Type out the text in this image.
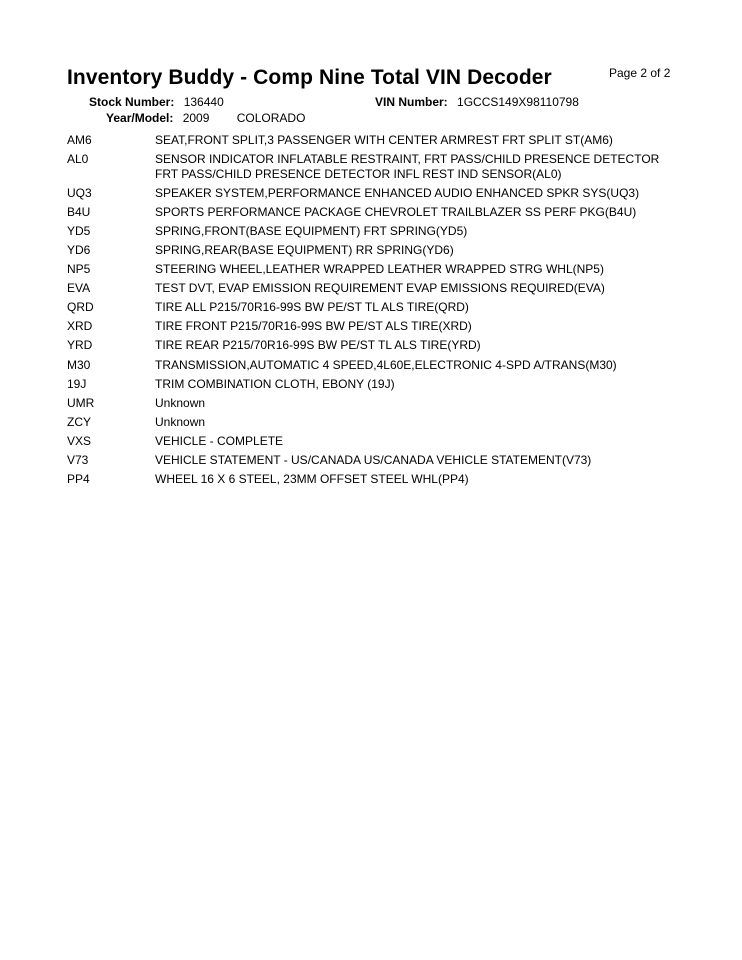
Inventory Buddy - Comp Nine Total VIN Decoder	Page 2 of 2
Stock Number: 136440	VIN Number: 1GCCS149X98110798
Year/Model: 2009 COLORADO
AM6	SEAT,FRONT SPLIT,3 PASSENGER WITH CENTER ARMREST FRT SPLIT ST(AM6)
AL0	SENSOR INDICATOR INFLATABLE RESTRAINT, FRT PASS/CHILD PRESENCE DETECTOR
FRT PASS/CHILD PRESENCE DETECTOR INFL REST IND SENSOR(AL0)
UQ3	SPEAKER SYSTEM,PERFORMANCE ENHANCED AUDIO ENHANCED SPKR SYS(UQ3)
B4U	SPORTS PERFORMANCE PACKAGE CHEVROLET TRAILBLAZER SS PERF PKG(B4U)
YD5	SPRING,FRONT(BASE EQUIPMENT) FRT SPRING(YD5)
YD6	SPRING,REAR(BASE EQUIPMENT) RR SPRING(YD6)
NP5	STEERING WHEEL,LEATHER WRAPPED LEATHER WRAPPED STRG WHL(NP5)
EVA	TEST DVT, EVAP EMISSION REQUIREMENT EVAP EMISSIONS REQUIRED(EVA)
QRD	TIRE ALL P215/70R16-99S BW PE/ST TL ALS TIRE(QRD)
XRD	TIRE FRONT P215/70R16-99S BW PE/ST ALS TIRE(XRD)
YRD	TIRE REAR P215/70R16-99S BW PE/ST TL ALS TIRE(YRD)
M30	TRANSMISSION,AUTOMATIC 4 SPEED,4L60E,ELECTRONIC 4-SPD A/TRANS(M30)
19J	TRIM COMBINATION CLOTH, EBONY (19J)
UMR	Unknown
ZCY	Unknown
VXS	VEHICLE - COMPLETE
V73	VEHICLE STATEMENT - US/CANADA US/CANADA VEHICLE STATEMENT(V73)
PP4	WHEEL 16 X 6 STEEL, 23MM OFFSET STEEL WHL(PP4)
